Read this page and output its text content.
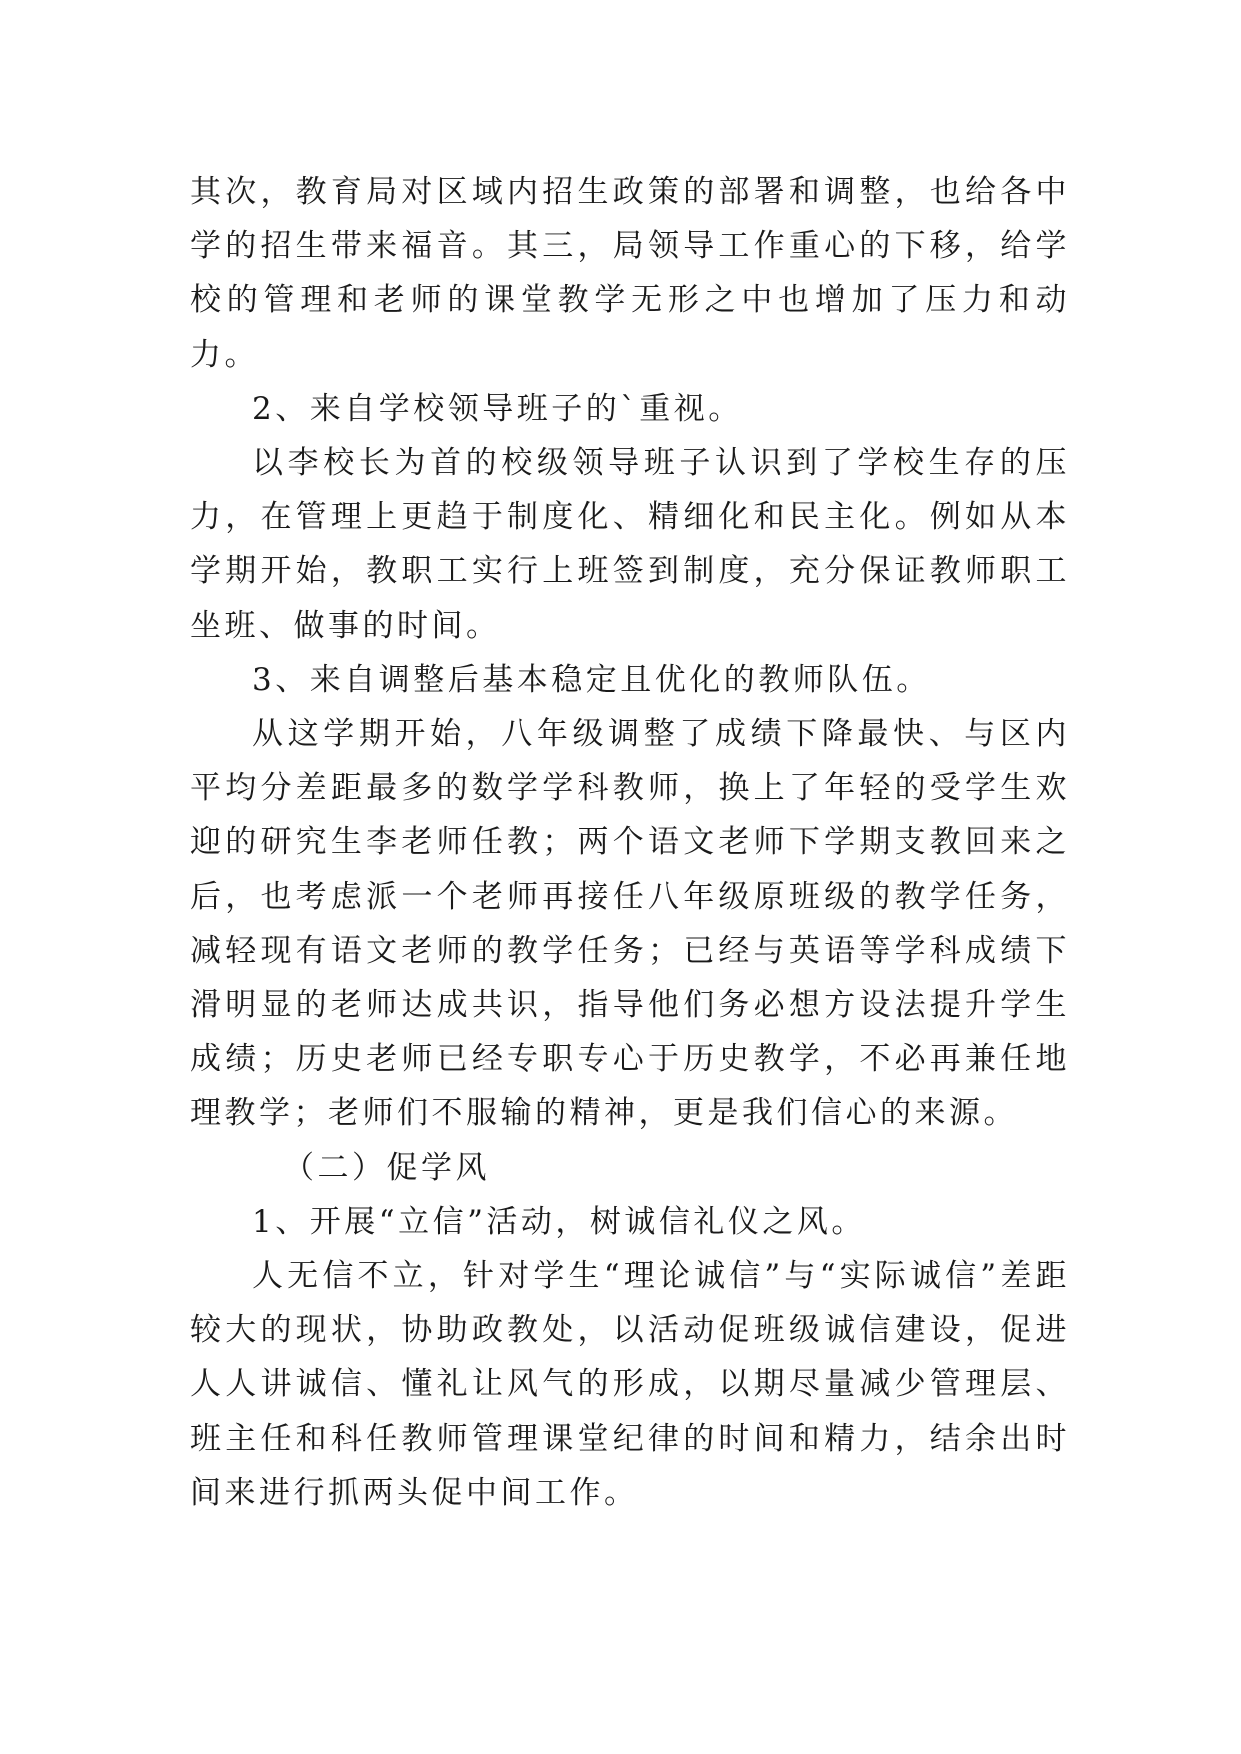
其次，教育局对区域内招生政策的部署和调整，也给各中学的招生带来福音。其三，局领导工作重心的下移，给学校的管理和老师的课堂教学无形之中也增加了压力和动力。

2、来自学校领导班子的`重视。

以李校长为首的校级领导班子认识到了学校生存的压力，在管理上更趋于制度化、精细化和民主化。例如从本学期开始，教职工实行上班签到制度，充分保证教师职工坐班、做事的时间。

3、来自调整后基本稳定且优化的教师队伍。

从这学期开始，八年级调整了成绩下降最快、与区内平均分差距最多的数学学科教师，换上了年轻的受学生欢迎的研究生李老师任教；两个语文老师下学期支教回来之后，也考虑派一个老师再接任八年级原班级的教学任务，减轻现有语文老师的教学任务；已经与英语等学科成绩下滑明显的老师达成共识，指导他们务必想方设法提升学生成绩；历史老师已经专职专心于历史教学，不必再兼任地理教学；老师们不服输的精神，更是我们信心的来源。

（二）促学风

1、开展“立信”活动，树诚信礼仪之风。

人无信不立，针对学生“理论诚信”与“实际诚信”差距较大的现状，协助政教处，以活动促班级诚信建设，促进人人讲诚信、懂礼让风气的形成，以期尽量减少管理层、班主任和科任教师管理课堂纪律的时间和精力，结余出时间来进行抓两头促中间工作。
